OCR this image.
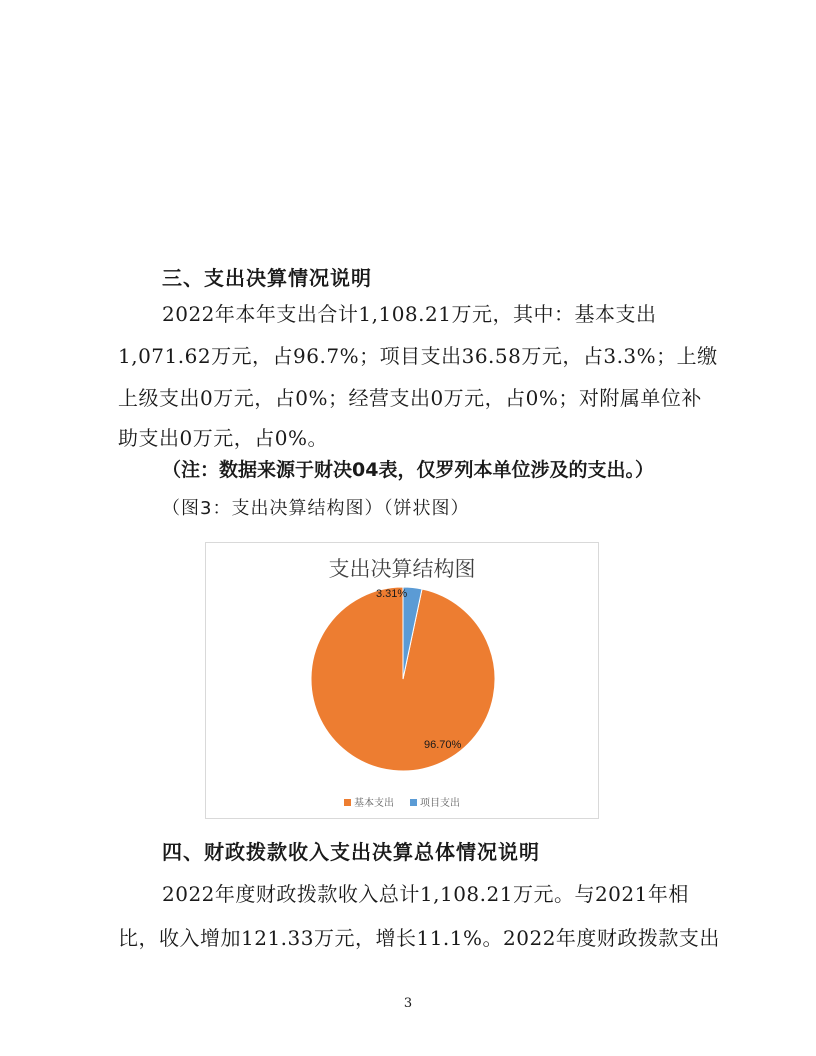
三、支出决算情况说明
2022年本年支出合计1,108.21万元，其中：基本支出
1,071.62万元，占96.7%；项目支出36.58万元，占3.3%；上缴
上级支出0万元，占0%；经营支出0万元，占0%；对附属单位补
助支出0万元，占0%。
（注：数据来源于财决04表，仅罗列本单位涉及的支出。）
（图3：支出决算结构图）（饼状图）
支出决算结构图
96.70%
3.31%
基本支出	项目支出
四、财政拨款收入支出决算总体情况说明
2022年度财政拨款收入总计1,108.21万元。与2021年相
比，收入增加121.33万元，增长11.1%。2022年度财政拨款支出
3
